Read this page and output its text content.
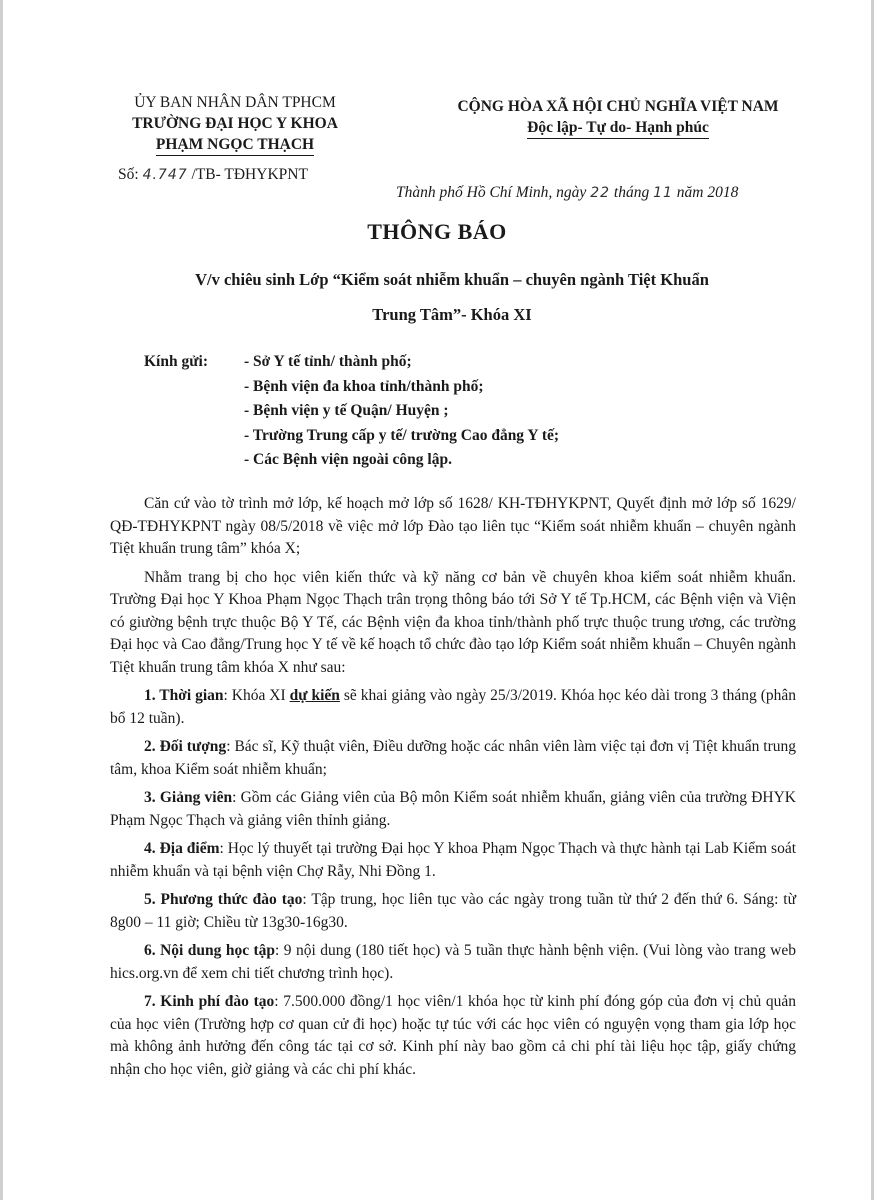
ỦY BAN NHÂN DÂN TPHCM
TRƯỜNG ĐẠI HỌC Y KHOA
PHẠM NGỌC THẠCH
Số: 4.747 /TB- TĐHYKPNT
CỘNG HÒA XÃ HỘI CHỦ NGHĨA VIỆT NAM
Độc lập- Tự do- Hạnh phúc
Thành phố Hồ Chí Minh, ngày 22 tháng 11 năm 2018
THÔNG BÁO
V/v chiêu sinh Lớp “Kiểm soát nhiễm khuẩn – chuyên ngành Tiệt Khuẩn
Trung Tâm”- Khóa XI
Kính gửi:	- Sở Y tế tỉnh/ thành phố;
- Bệnh viện đa khoa tỉnh/thành phố;
- Bệnh viện y tế Quận/ Huyện ;
- Trường Trung cấp y tế/ trường Cao đẳng Y tế;
- Các Bệnh viện ngoài công lập.

Căn cứ vào tờ trình mở lớp, kế hoạch mở lớp số 1628/ KH-TĐHYKPNT, Quyết định mở lớp số 1629/ QĐ-TĐHYKPNT ngày 08/5/2018 về việc mở lớp Đào tạo liên tục “Kiểm soát nhiễm khuẩn – chuyên ngành Tiệt khuẩn trung tâm” khóa X;

Nhằm trang bị cho học viên kiến thức và kỹ năng cơ bản về chuyên khoa kiểm soát nhiễm khuẩn. Trường Đại học Y Khoa Phạm Ngọc Thạch trân trọng thông báo tới Sở Y tế Tp.HCM, các Bệnh viện và Viện có giường bệnh trực thuộc Bộ Y Tế, các Bệnh viện đa khoa tỉnh/thành phố trực thuộc trung ương, các trường Đại học và Cao đẳng/Trung học Y tế về kế hoạch tổ chức đào tạo lớp Kiểm soát nhiễm khuẩn – Chuyên ngành Tiệt khuẩn trung tâm khóa X như sau:

1. Thời gian: Khóa XI dự kiến sẽ khai giảng vào ngày 25/3/2019. Khóa học kéo dài trong 3 tháng (phân bổ 12 tuần).

2. Đối tượng: Bác sĩ, Kỹ thuật viên, Điều dưỡng hoặc các nhân viên làm việc tại đơn vị Tiệt khuẩn trung tâm, khoa Kiểm soát nhiễm khuẩn;

3. Giảng viên: Gồm các Giảng viên của Bộ môn Kiểm soát nhiễm khuẩn, giảng viên của trường ĐHYK Phạm Ngọc Thạch và giảng viên thỉnh giảng.

4. Địa điểm: Học lý thuyết tại trường Đại học Y khoa Phạm Ngọc Thạch và thực hành tại Lab Kiểm soát nhiễm khuẩn và tại bệnh viện Chợ Rẫy, Nhi Đồng 1.

5. Phương thức đào tạo: Tập trung, học liên tục vào các ngày trong tuần từ thứ 2 đến thứ 6. Sáng: từ 8g00 – 11 giờ; Chiều từ 13g30-16g30.

6. Nội dung học tập: 9 nội dung (180 tiết học) và 5 tuần thực hành bệnh viện. (Vui lòng vào trang web hics.org.vn để xem chi tiết chương trình học).

7. Kinh phí đào tạo: 7.500.000 đồng/1 học viên/1 khóa học từ kinh phí đóng góp của đơn vị chủ quản của học viên (Trường hợp cơ quan cử đi học) hoặc tự túc với các học viên có nguyện vọng tham gia lớp học mà không ảnh hưởng đến công tác tại cơ sở. Kinh phí này bao gồm cả chi phí tài liệu học tập, giấy chứng nhận cho học viên, giờ giảng và các chi phí khác.
